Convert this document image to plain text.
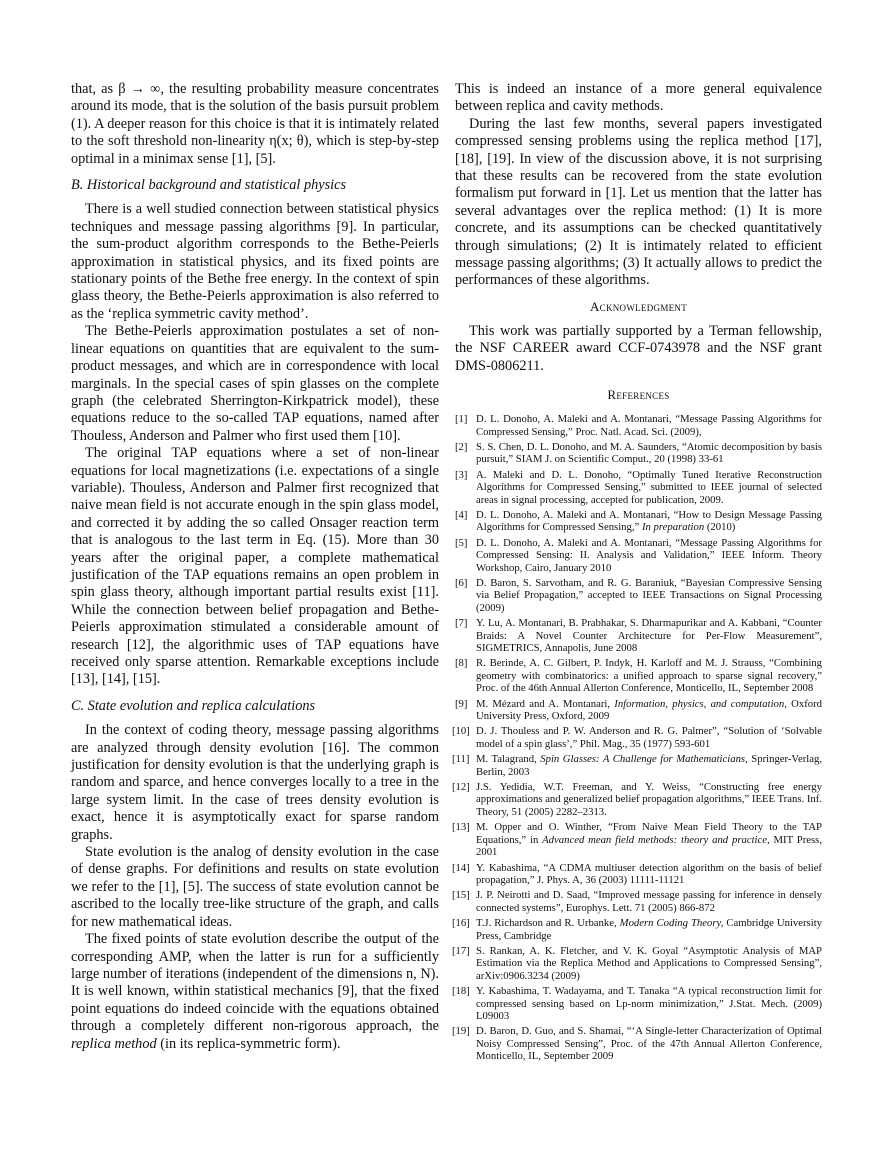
that, as β → ∞, the resulting probability measure concentrates around its mode, that is the solution of the basis pursuit problem (1). A deeper reason for this choice is that it is intimately related to the soft threshold non-linearity η(x; θ), which is step-by-step optimal in a minimax sense [1], [5].

B. Historical background and statistical physics

There is a well studied connection between statistical physics techniques and message passing algorithms [9]. In particular, the sum-product algorithm corresponds to the Bethe-Peierls approximation in statistical physics, and its fixed points are stationary points of the Bethe free energy. In the context of spin glass theory, the Bethe-Peierls approximation is also referred to as the ‘replica symmetric cavity method’.

The Bethe-Peierls approximation postulates a set of non-linear equations on quantities that are equivalent to the sum-product messages, and which are in correspondence with local marginals. In the special cases of spin glasses on the complete graph (the celebrated Sherrington-Kirkpatrick model), these equations reduce to the so-called TAP equations, named after Thouless, Anderson and Palmer who first used them [10].

The original TAP equations where a set of non-linear equations for local magnetizations (i.e. expectations of a single variable). Thouless, Anderson and Palmer first recognized that naive mean field is not accurate enough in the spin glass model, and corrected it by adding the so called Onsager reaction term that is analogous to the last term in Eq. (15). More than 30 years after the original paper, a complete mathematical justification of the TAP equations remains an open problem in spin glass theory, although important partial results exist [11]. While the connection between belief propagation and Bethe-Peierls approximation stimulated a considerable amount of research [12], the algorithmic uses of TAP equations have received only sparse attention. Remarkable exceptions include [13], [14], [15].

C. State evolution and replica calculations

In the context of coding theory, message passing algorithms are analyzed through density evolution [16]. The common justification for density evolution is that the underlying graph is random and sparce, and hence converges locally to a tree in the large system limit. In the case of trees density evolution is exact, hence it is asymptotically exact for sparse random graphs.

State evolution is the analog of density evolution in the case of dense graphs. For definitions and results on state evolution we refer to the [1], [5]. The success of state evolution cannot be ascribed to the locally tree-like structure of the graph, and calls for new mathematical ideas.

The fixed points of state evolution describe the output of the corresponding AMP, when the latter is run for a sufficiently large number of iterations (independent of the dimensions n, N). It is well known, within statistical mechanics [9], that the fixed point equations do indeed coincide with the equations obtained through a completely different non-rigorous approach, the replica method (in its replica-symmetric form).

This is indeed an instance of a more general equivalence between replica and cavity methods.

During the last few months, several papers investigated compressed sensing problems using the replica method [17], [18], [19]. In view of the discussion above, it is not surprising that these results can be recovered from the state evolution formalism put forward in [1]. Let us mention that the latter has several advantages over the replica method: (1) It is more concrete, and its assumptions can be checked quantitatively through simulations; (2) It is intimately related to efficient message passing algorithms; (3) It actually allows to predict the performances of these algorithms.

Acknowledgment

This work was partially supported by a Terman fellowship, the NSF CAREER award CCF-0743978 and the NSF grant DMS-0806211.

References
[1] D. L. Donoho, A. Maleki and A. Montanari, “Message Passing Algorithms for Compressed Sensing,” Proc. Natl. Acad. Sci. (2009),
[2] S. S. Chen, D. L. Donoho, and M. A. Saunders, “Atomic decomposition by basis pursuit,” SIAM J. on Scientific Comput., 20 (1998) 33-61
[3] A. Maleki and D. L. Donoho, “Optimally Tuned Iterative Reconstruction Algorithms for Compressed Sensing,” submitted to IEEE journal of selected areas in signal processing, accepted for publication, 2009.
[4] D. L. Donoho, A. Maleki and A. Montanari, “How to Design Message Passing Algorithms for Compressed Sensing,” In preparation (2010)
[5] D. L. Donoho, A. Maleki and A. Montanari, “Message Passing Algorithms for Compressed Sensing: II. Analysis and Validation,” IEEE Inform. Theory Workshop, Cairo, January 2010
[6] D. Baron, S. Sarvotham, and R. G. Baraniuk, “Bayesian Compressive Sensing via Belief Propagation,” accepted to IEEE Transactions on Signal Processing (2009)
[7] Y. Lu, A. Montanari, B. Prabhakar, S. Dharmapurikar and A. Kabbani, “Counter Braids: A Novel Counter Architecture for Per-Flow Measurement”, SIGMETRICS, Annapolis, June 2008
[8] R. Berinde, A. C. Gilbert, P. Indyk, H. Karloff and M. J. Strauss, “Combining geometry with combinatorics: a unified approach to sparse signal recovery,” Proc. of the 46th Annual Allerton Conference, Monticello, IL, September 2008
[9] M. Mézard and A. Montanari, Information, physics, and computation, Oxford University Press, Oxford, 2009
[10] D. J. Thouless and P. W. Anderson and R. G. Palmer”, “Solution of ‘Solvable model of a spin glass’,” Phil. Mag., 35 (1977) 593-601
[11] M. Talagrand, Spin Glasses: A Challenge for Mathematicians, Springer-Verlag, Berlin, 2003
[12] J.S. Yedidia, W.T. Freeman, and Y. Weiss, “Constructing free energy approximations and generalized belief propagation algorithms,” IEEE Trans. Inf. Theory, 51 (2005) 2282–2313.
[13] M. Opper and O. Winther, “From Naive Mean Field Theory to the TAP Equations,” in Advanced mean field methods: theory and practice, MIT Press, 2001
[14] Y. Kabashima, “A CDMA multiuser detection algorithm on the basis of belief propagation,” J. Phys. A, 36 (2003) 11111-11121
[15] J. P. Neirotti and D. Saad, “Improved message passing for inference in densely connected systems”, Europhys. Lett. 71 (2005) 866-872
[16] T.J. Richardson and R. Urbanke, Modern Coding Theory, Cambridge University Press, Cambridge
[17] S. Rankan, A. K. Fletcher, and V. K. Goyal “Asymptotic Analysis of MAP Estimation via the Replica Method and Applications to Compressed Sensing”, arXiv:0906.3234 (2009)
[18] Y. Kabashima, T. Wadayama, and T. Tanaka “A typical reconstruction limit for compressed sensing based on Lp-norm minimization,” J.Stat. Mech. (2009) L09003
[19] D. Baron, D. Guo, and S. Shamai, “‘A Single-letter Characterization of Optimal Noisy Compressed Sensing”, Proc. of the 47th Annual Allerton Conference, Monticello, IL, September 2009
